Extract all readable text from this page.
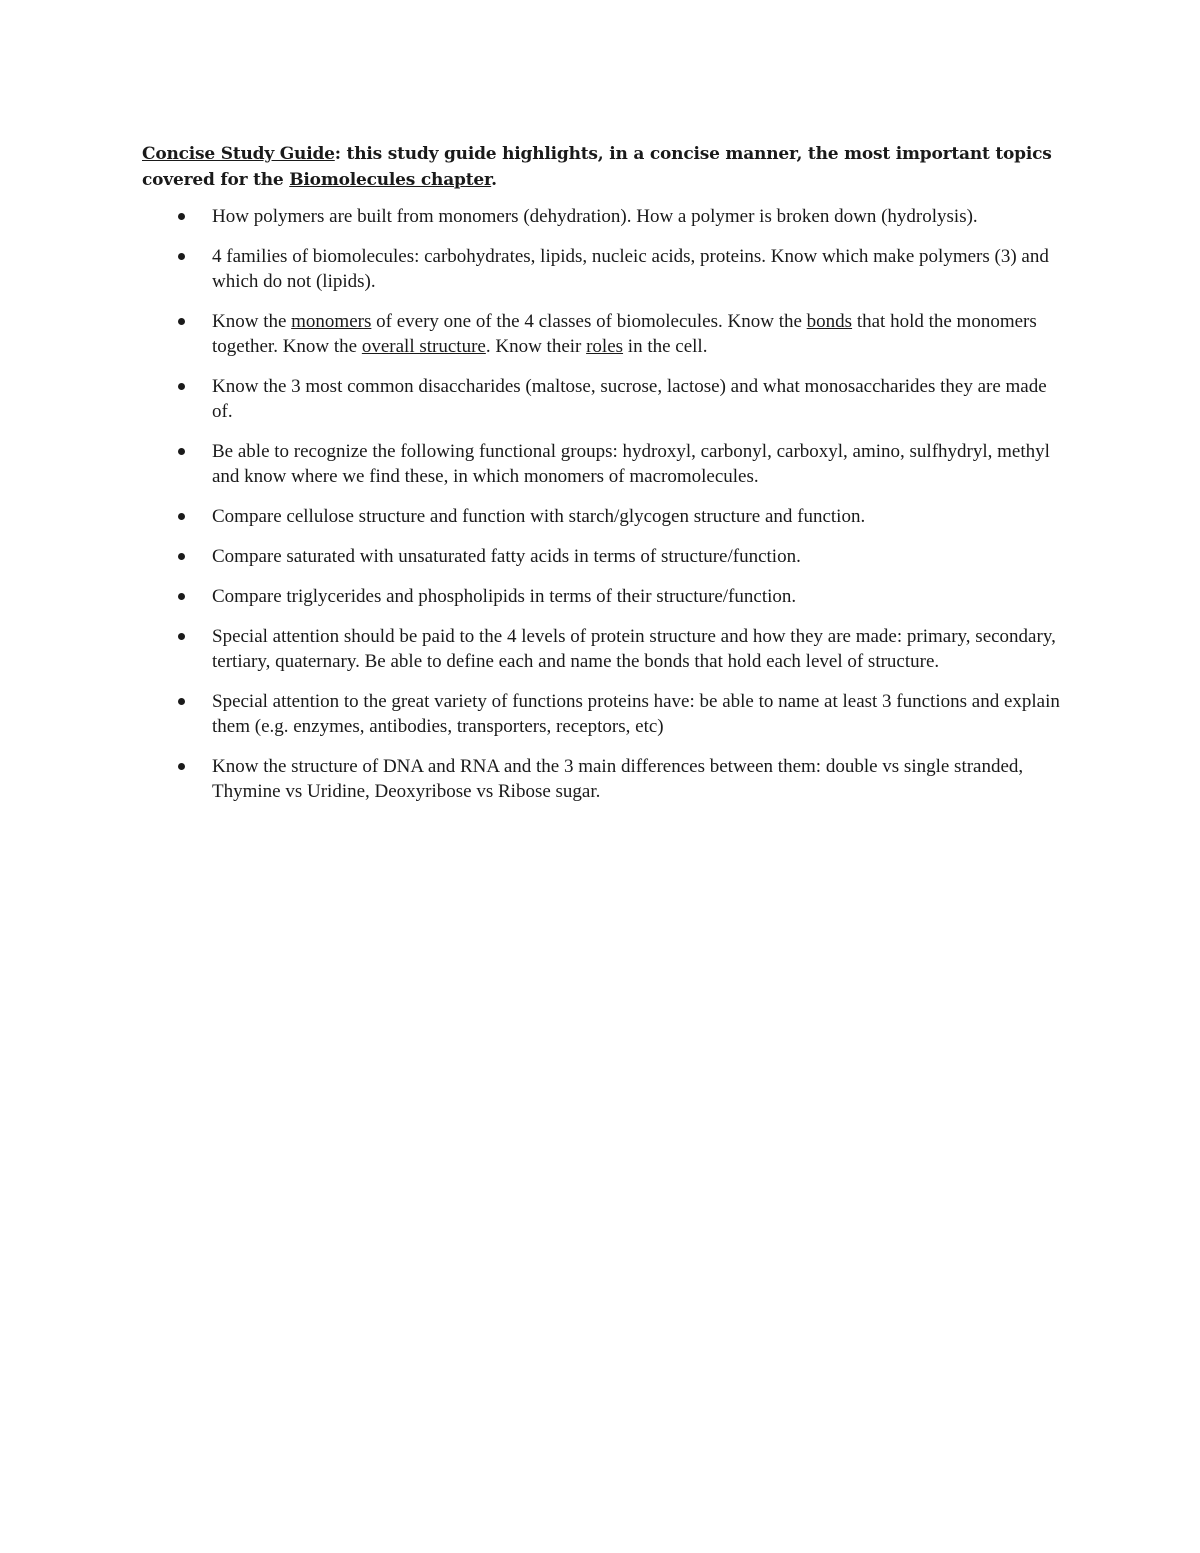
Concise Study Guide: this study guide highlights, in a concise manner, the most important topics covered for the Biomolecules chapter.

How polymers are built from monomers (dehydration). How a polymer is broken down (hydrolysis).
4 families of biomolecules: carbohydrates, lipids, nucleic acids, proteins. Know which make polymers (3) and which do not (lipids).
Know the monomers of every one of the 4 classes of biomolecules. Know the bonds that hold the monomers together. Know the overall structure. Know their roles in the cell.
Know the 3 most common disaccharides (maltose, sucrose, lactose) and what monosaccharides they are made of.
Be able to recognize the following functional groups: hydroxyl, carbonyl, carboxyl, amino, sulfhydryl, methyl and know where we find these, in which monomers of macromolecules.
Compare cellulose structure and function with starch/glycogen structure and function.
Compare saturated with unsaturated fatty acids in terms of structure/function.
Compare triglycerides and phospholipids in terms of their structure/function.
Special attention should be paid to the 4 levels of protein structure and how they are made: primary, secondary, tertiary, quaternary. Be able to define each and name the bonds that hold each level of structure.
Special attention to the great variety of functions proteins have: be able to name at least 3 functions and explain them (e.g. enzymes, antibodies, transporters, receptors, etc)
Know the structure of DNA and RNA and the 3 main differences between them: double vs single stranded, Thymine vs Uridine, Deoxyribose vs Ribose sugar.
